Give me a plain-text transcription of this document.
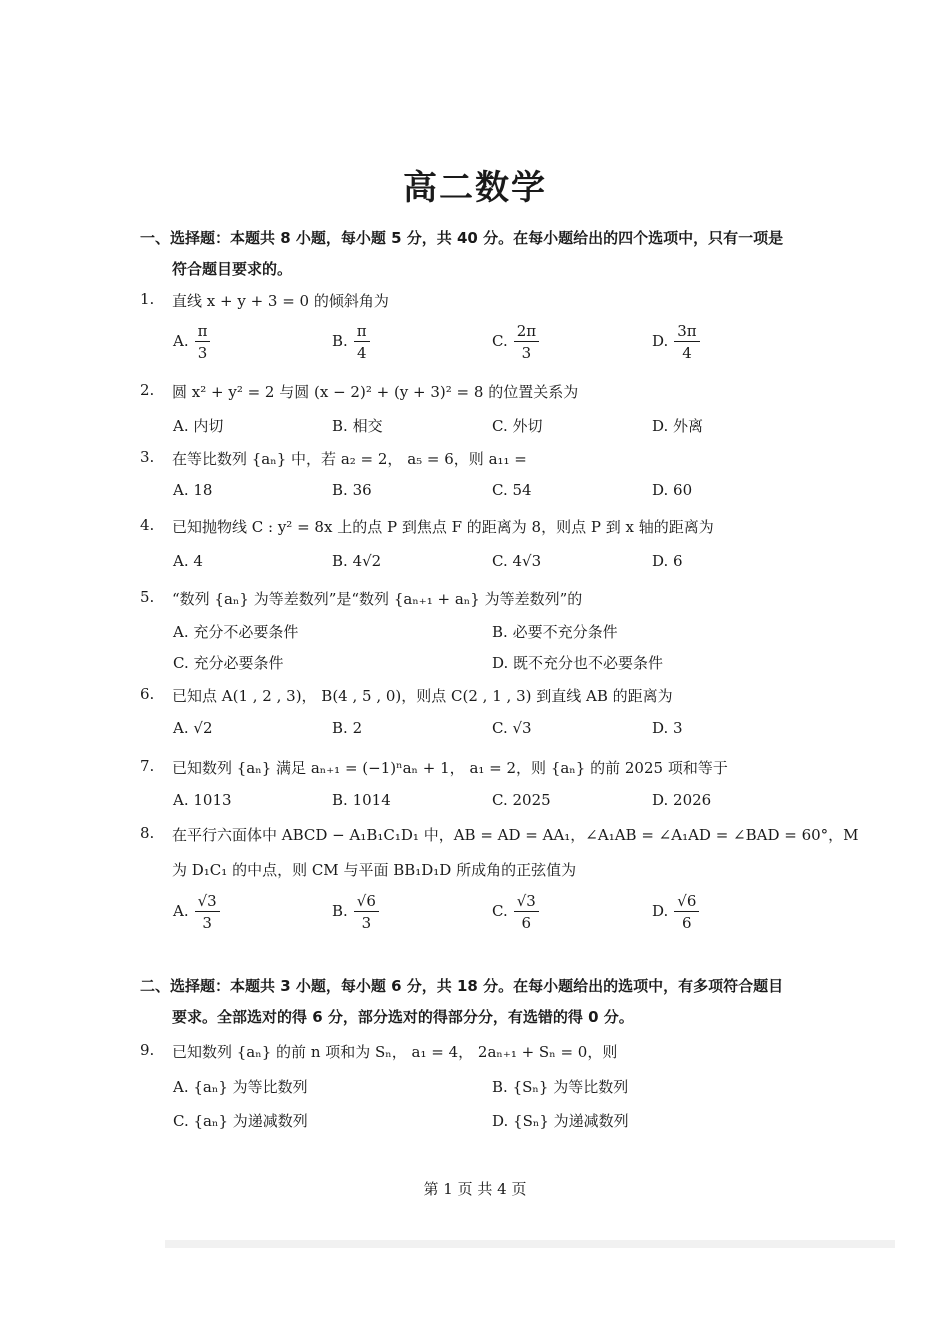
高二数学
一、选择题：本题共 8 小题，每小题 5 分，共 40 分。在每小题给出的四个选项中，只有一项是
符合题目要求的。
1. 直线 x + y + 3 = 0 的倾斜角为
A. $\frac{\pi}{3}$	B. $\frac{\pi}{4}$	C. $\frac{2\pi}{3}$	D. $\frac{3\pi}{4}$
2. 圆 x² + y² = 2 与圆 (x − 2)² + (y + 3)² = 8 的位置关系为
A. 内切	B. 相交	C. 外切	D. 外离
3. 在等比数列 {aₙ} 中，若 a₂ = 2， a₅ = 6，则 a₁₁ =
A. 18	B. 36	C. 54	D. 60
4. 已知抛物线 C : y² = 8x 上的点 P 到焦点 F 的距离为 8，则点 P 到 x 轴的距离为
A. 4	B. 4√2	C. 4√3	D. 6
5. “数列 {aₙ} 为等差数列”是“数列 {aₙ₊₁ + aₙ} 为等差数列”的
A. 充分不必要条件	B. 必要不充分条件
C. 充分必要条件	D. 既不充分也不必要条件
6. 已知点 A(1 , 2 , 3)， B(4 , 5 , 0)，则点 C(2 , 1 , 3) 到直线 AB 的距离为
A. √2	B. 2	C. √3	D. 3
7. 已知数列 {aₙ} 满足 aₙ₊₁ = (−1)ⁿaₙ + 1， a₁ = 2，则 {aₙ} 的前 2025 项和等于
A. 1013	B. 1014	C. 2025	D. 2026
8. 在平行六面体中 ABCD − A₁B₁C₁D₁ 中，AB = AD = AA₁，∠A₁AB = ∠A₁AD = ∠BAD = 60°，M
为 D₁C₁ 的中点，则 CM 与平面 BB₁D₁D 所成角的正弦值为
A. $\frac{√3}{3}$	B. $\frac{√6}{3}$	C. $\frac{√3}{6}$	D. $\frac{√6}{6}$
二、选择题：本题共 3 小题，每小题 6 分，共 18 分。在每小题给出的选项中，有多项符合题目
要求。全部选对的得 6 分，部分选对的得部分分，有选错的得 0 分。
9. 已知数列 {aₙ} 的前 n 项和为 Sₙ， a₁ = 4， 2aₙ₊₁ + Sₙ = 0，则
A. {aₙ} 为等比数列	B. {Sₙ} 为等比数列
C. {aₙ} 为递减数列	D. {Sₙ} 为递减数列
第 1 页 共 4 页
